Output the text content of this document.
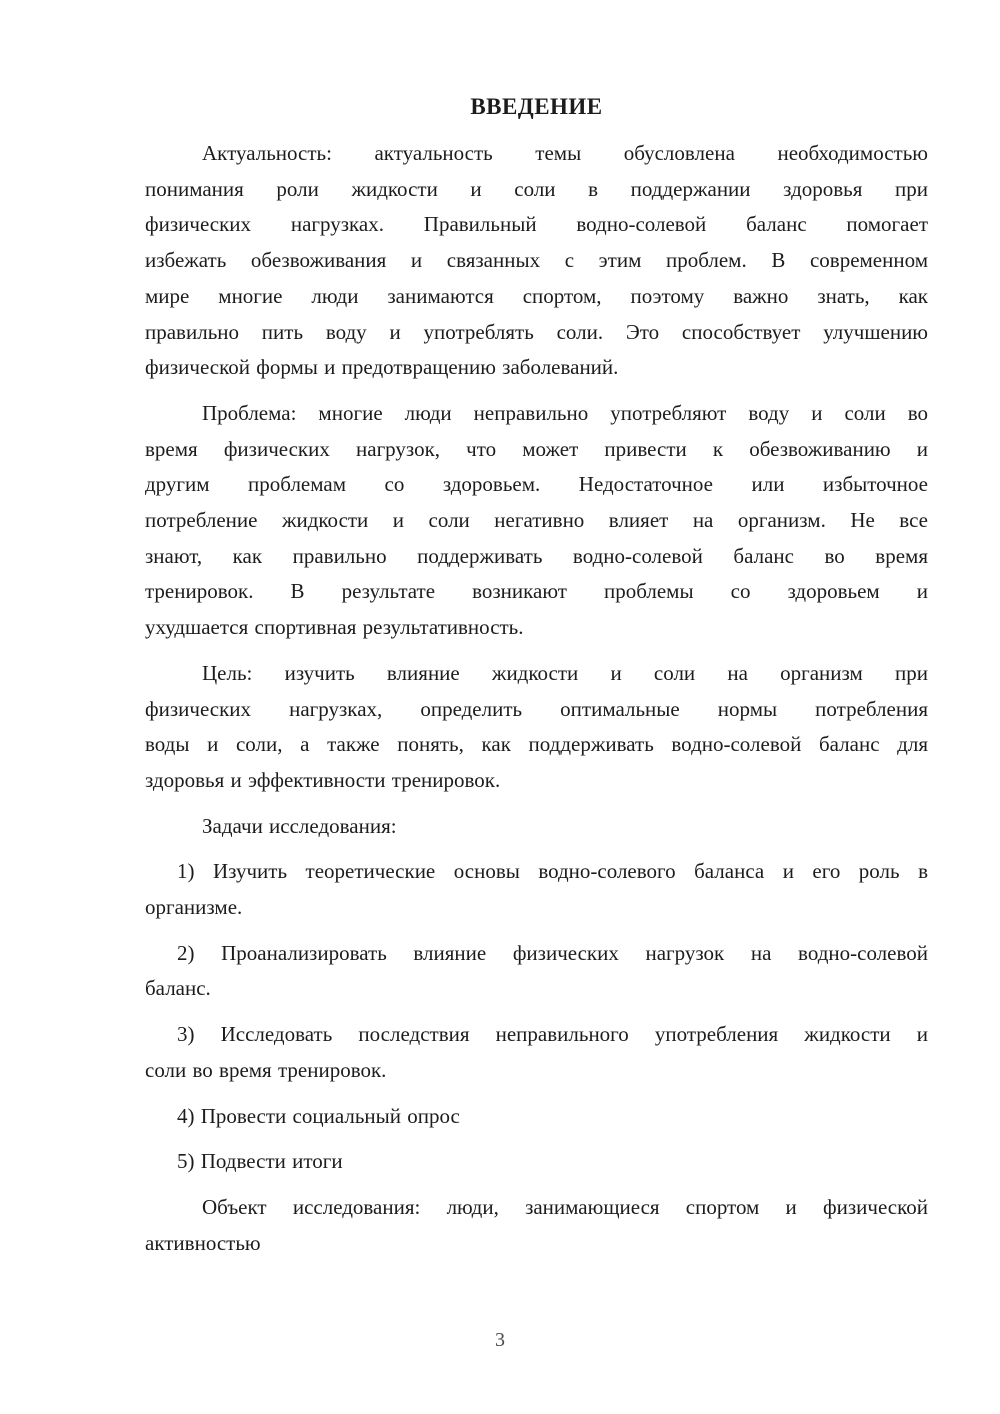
ВВЕДЕНИЕ

Актуальность: актуальность темы обусловлена необходимостью
понимания роли жидкости и соли в поддержании здоровья при
физических нагрузках. Правильный водно-солевой баланс помогает
избежать обезвоживания и связанных с этим проблем. В современном
мире многие люди занимаются спортом, поэтому важно знать, как
правильно пить воду и употреблять соли. Это способствует улучшению
физической формы и предотвращению заболеваний.

Проблема: многие люди неправильно употребляют воду и соли во
время физических нагрузок, что может привести к обезвоживанию и
другим проблемам со здоровьем. Недостаточное или избыточное
потребление жидкости и соли негативно влияет на организм. Не все
знают, как правильно поддерживать водно-солевой баланс во время
тренировок. В результате возникают проблемы со здоровьем и
ухудшается спортивная результативность.

Цель: изучить влияние жидкости и соли на организм при
физических нагрузках, определить оптимальные нормы потребления
воды и соли, а также понять, как поддерживать водно-солевой баланс для
здоровья и эффективности тренировок.

Задачи исследования:

1) Изучить теоретические основы водно-солевого баланса и его роль в
организме.

2) Проанализировать влияние физических нагрузок на водно-солевой
баланс.

3) Исследовать последствия неправильного употребления жидкости и
соли во время тренировок.

4) Провести социальный опрос

5) Подвести итоги

Объект исследования: люди, занимающиеся спортом и физической
активностью

3
